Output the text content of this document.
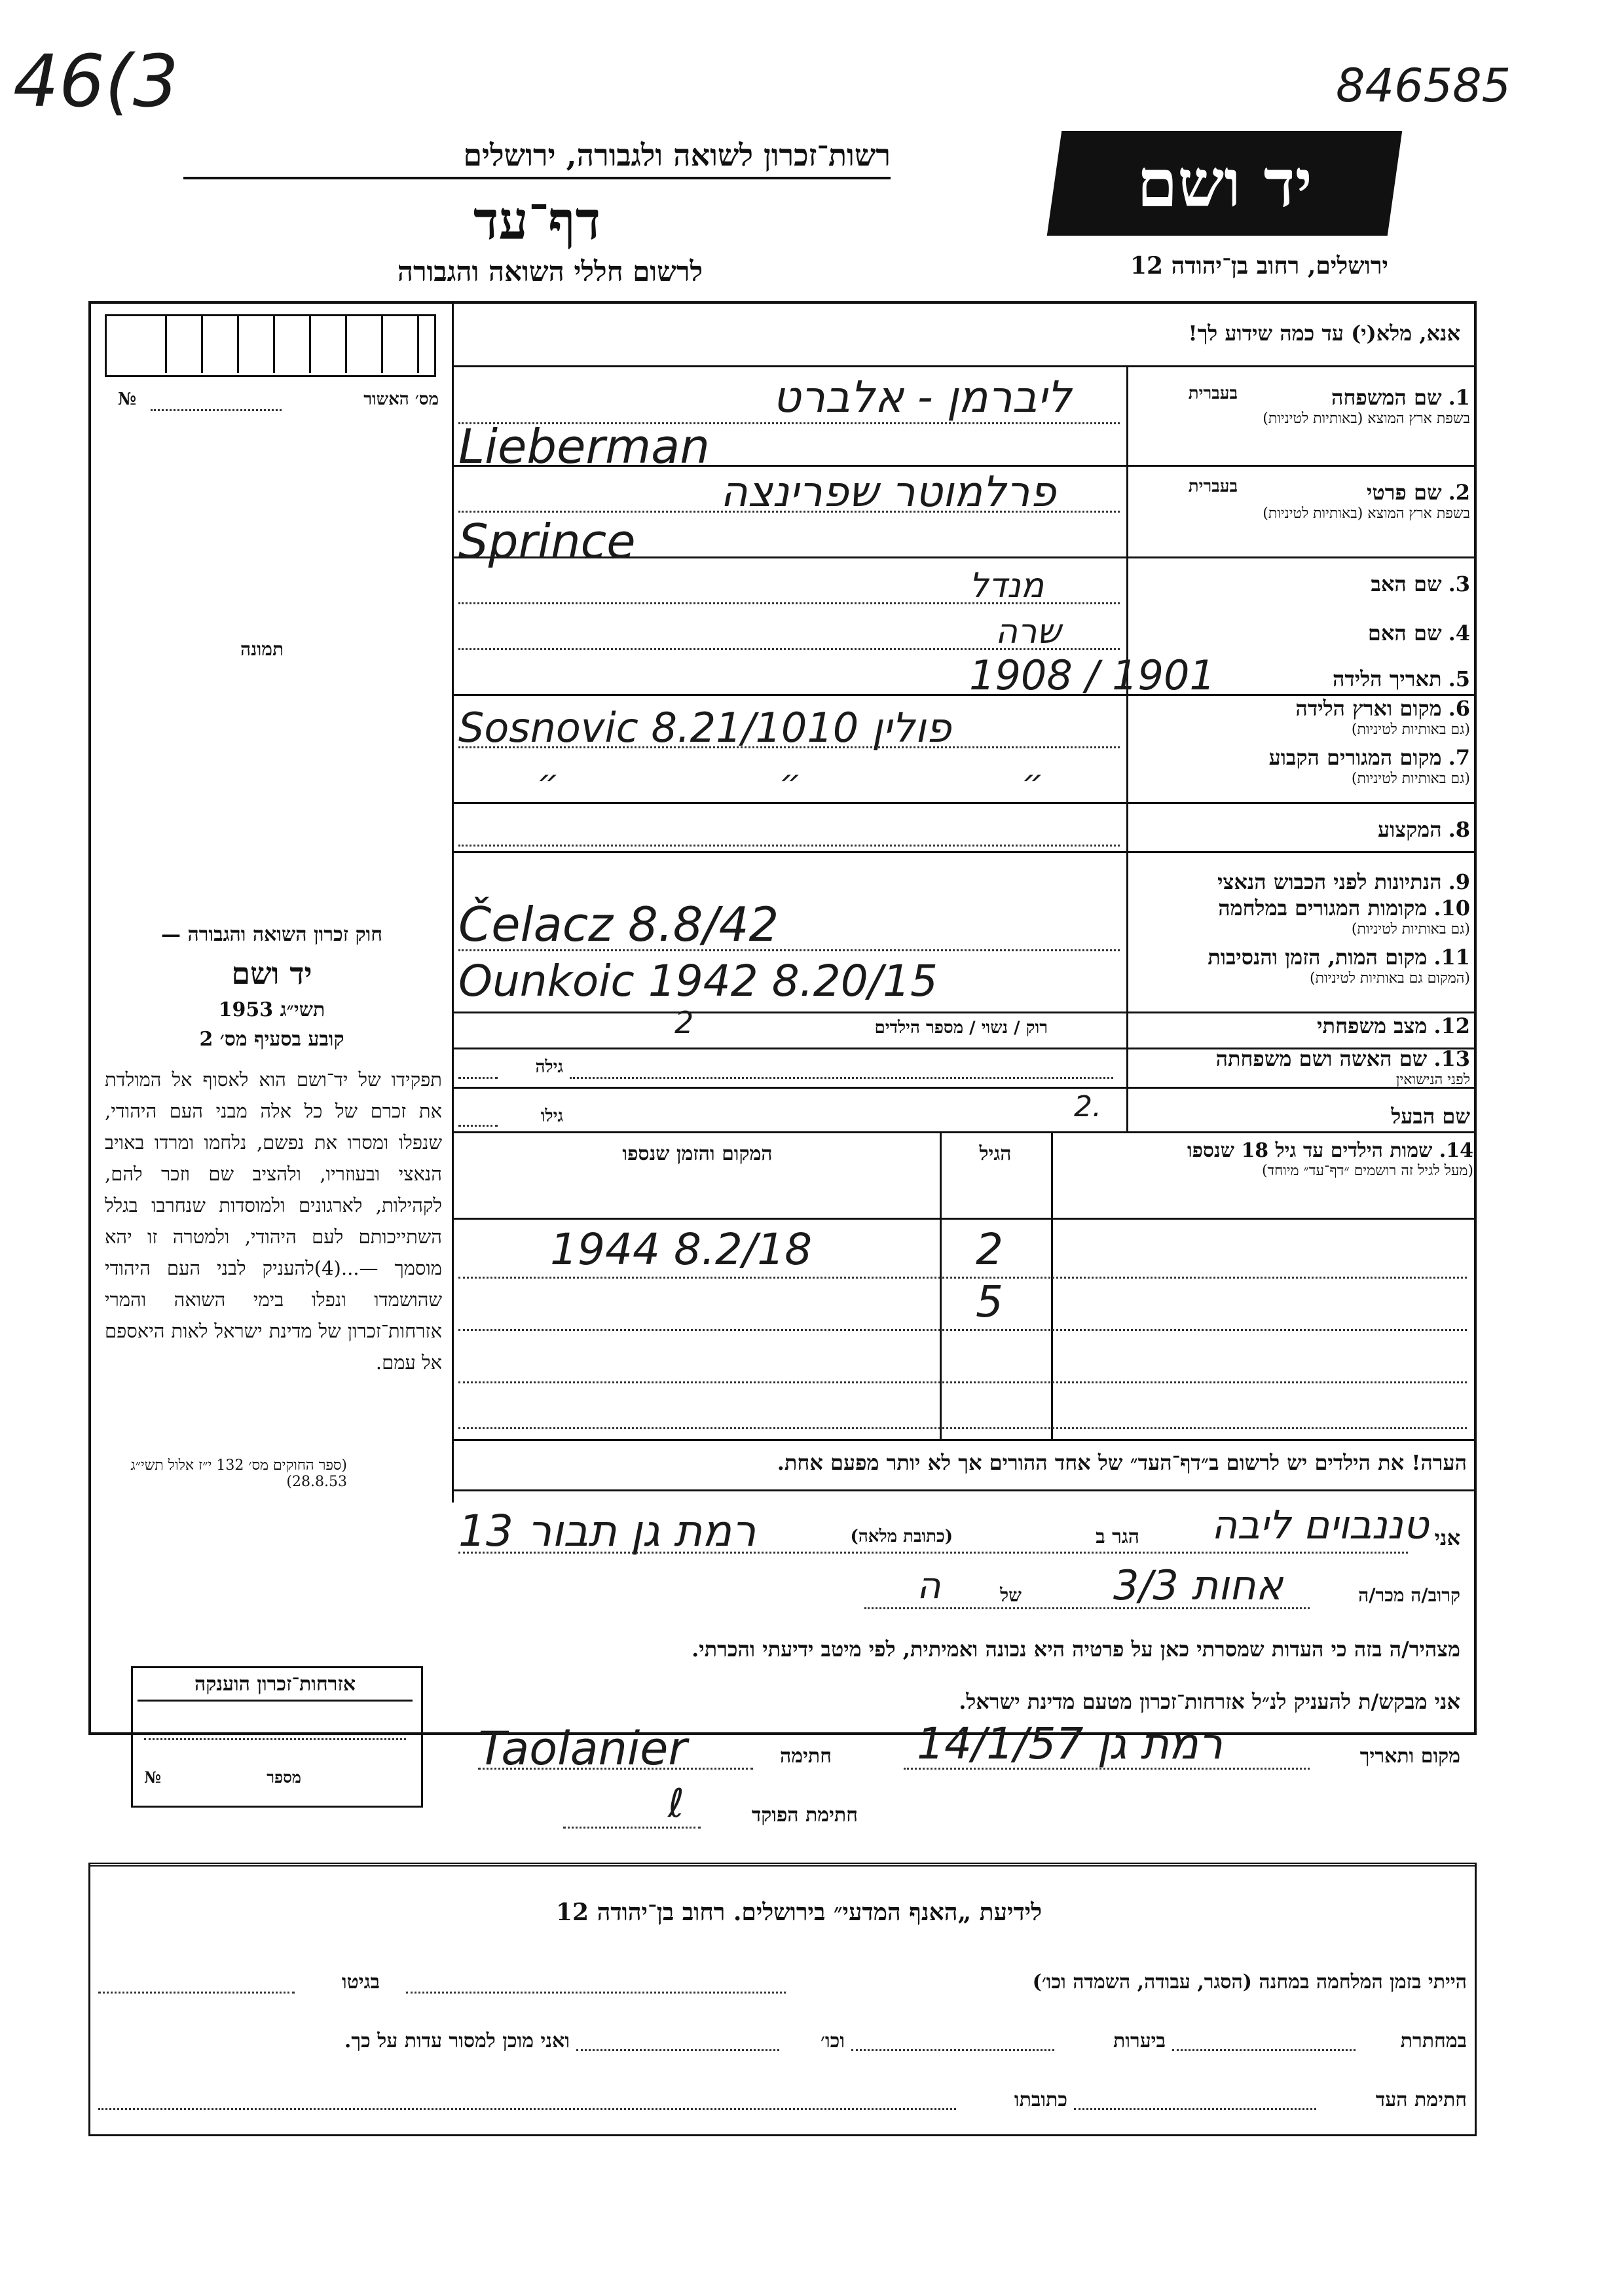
46(3	846585
רשות־זכרון לשואה ולגבורה, ירושלים
דף־עד
לרשום חללי השואה והגבורה
יד ושם
ירושלים, רחוב בן־יהודה 12
מס׳ האשור
№
תמונה
חוק זכרון השואה והגבורה —
יד ושם
תשי״ג 1953
קובע בסעיף מס׳ 2
תפקידו של יד־ושם הוא לאסוף אל המולדת את זכרם של כל אלה מבני העם היהודי, שנפלו ומסרו את נפשם, נלחמו ומרדו באויב הנאצי ובעוזריו, ולהציב שם וזכר להם, לקהילות, לארגונים ולמוסדות שנחרבו בגלל השתייכותם לעם היהודי, ולמטרה זו יהא מוסמך —...(4)להעניק לבני העם היהודי שהושמדו ונפלו בימי השואה והמרי אזרחות־זכרון של מדינת ישראל לאות היאספם אל עמם.
(ספר החוקים מס׳ 132 י״ז אלול תשי״ג 28.8.53)
אזרחות־זכרון הוענקה
מספר
№
אנא, מלא(י) עד כמה שידוע לך!
1.שם המשפחה
בשפת ארץ המוצא (באותיות לטיניות)
בעברית
2.שם פרטי
בשפת ארץ המוצא (באותיות לטיניות)
בעברית
3.שם האב
4.שם האם
5.תאריך הלידה
6.מקום וארץ הלידה
(גם באותיות לטיניות)
7.מקום המגורים הקבוע
(גם באותיות לטיניות)
8.המקצוע
9.הנתיונות לפני הכבוש הנאצי
10.מקומות המגורים במלחמה
(גם באותיות לטיניות)
11.מקום המות, הזמן והנסיבות
(המקום גם באותיות לטיניות)
12.מצב משפחתי
13.שם האשה ושם משפחתה
לפני הנישואין
שם הבעל
ליברמן - אלברט
Lieberman
פרלמוטר שפרינצה
Sprince
מנדל
שרה
1908 / 1901
Sosnovic פולין 8.21/1010
״ ״ ״
Čelacz 8.8/42
Ounkoic 1942 8.20/15
רוק / נשוי / מספר הילדים
2
גילה
גילו	2.
14. שמות הילדים עד גיל 18 שנספו
(מעל לגיל זה רושמים ״דף־עד״ מיוחד)
הגיל
המקום והזמן שנספו
2
1944 8.2/18
5
הערה! את הילדים יש לרשום ב״דף־העד״ של אחד ההורים אך לא יותר מפעם אחת.
אני
טננבוים ליבה
הגר ב
(כתובת מלאה)
רמת גן תבור 13
קרוב/ה מכר/ה
3/3 אחות
של
ה
מצהיר/ה בזה כי העדות שמסרתי כאן על פרטיה היא נכונה ואמיתית, לפי מיטב ידיעתי והכרתי.
אני מבקש/ת להעניק לנ״ל אזרחות־זכרון מטעם מדינת ישראל.
מקום ותאריך
רמת גן 14/1/57
חתימה
Taolanier
חתימת הפוקד
ℓ
לידיעת „האנף המדעי״ בירושלים. רחוב בן־יהודה 12
הייתי בזמן המלחמה במחנה (הסגר, עבודה, השמדה וכו׳)
בגיטו
במחתרת
ביערות
וכו׳
ואני מוכן למסור עדות על כך.
חתימת העד
כתובתו
